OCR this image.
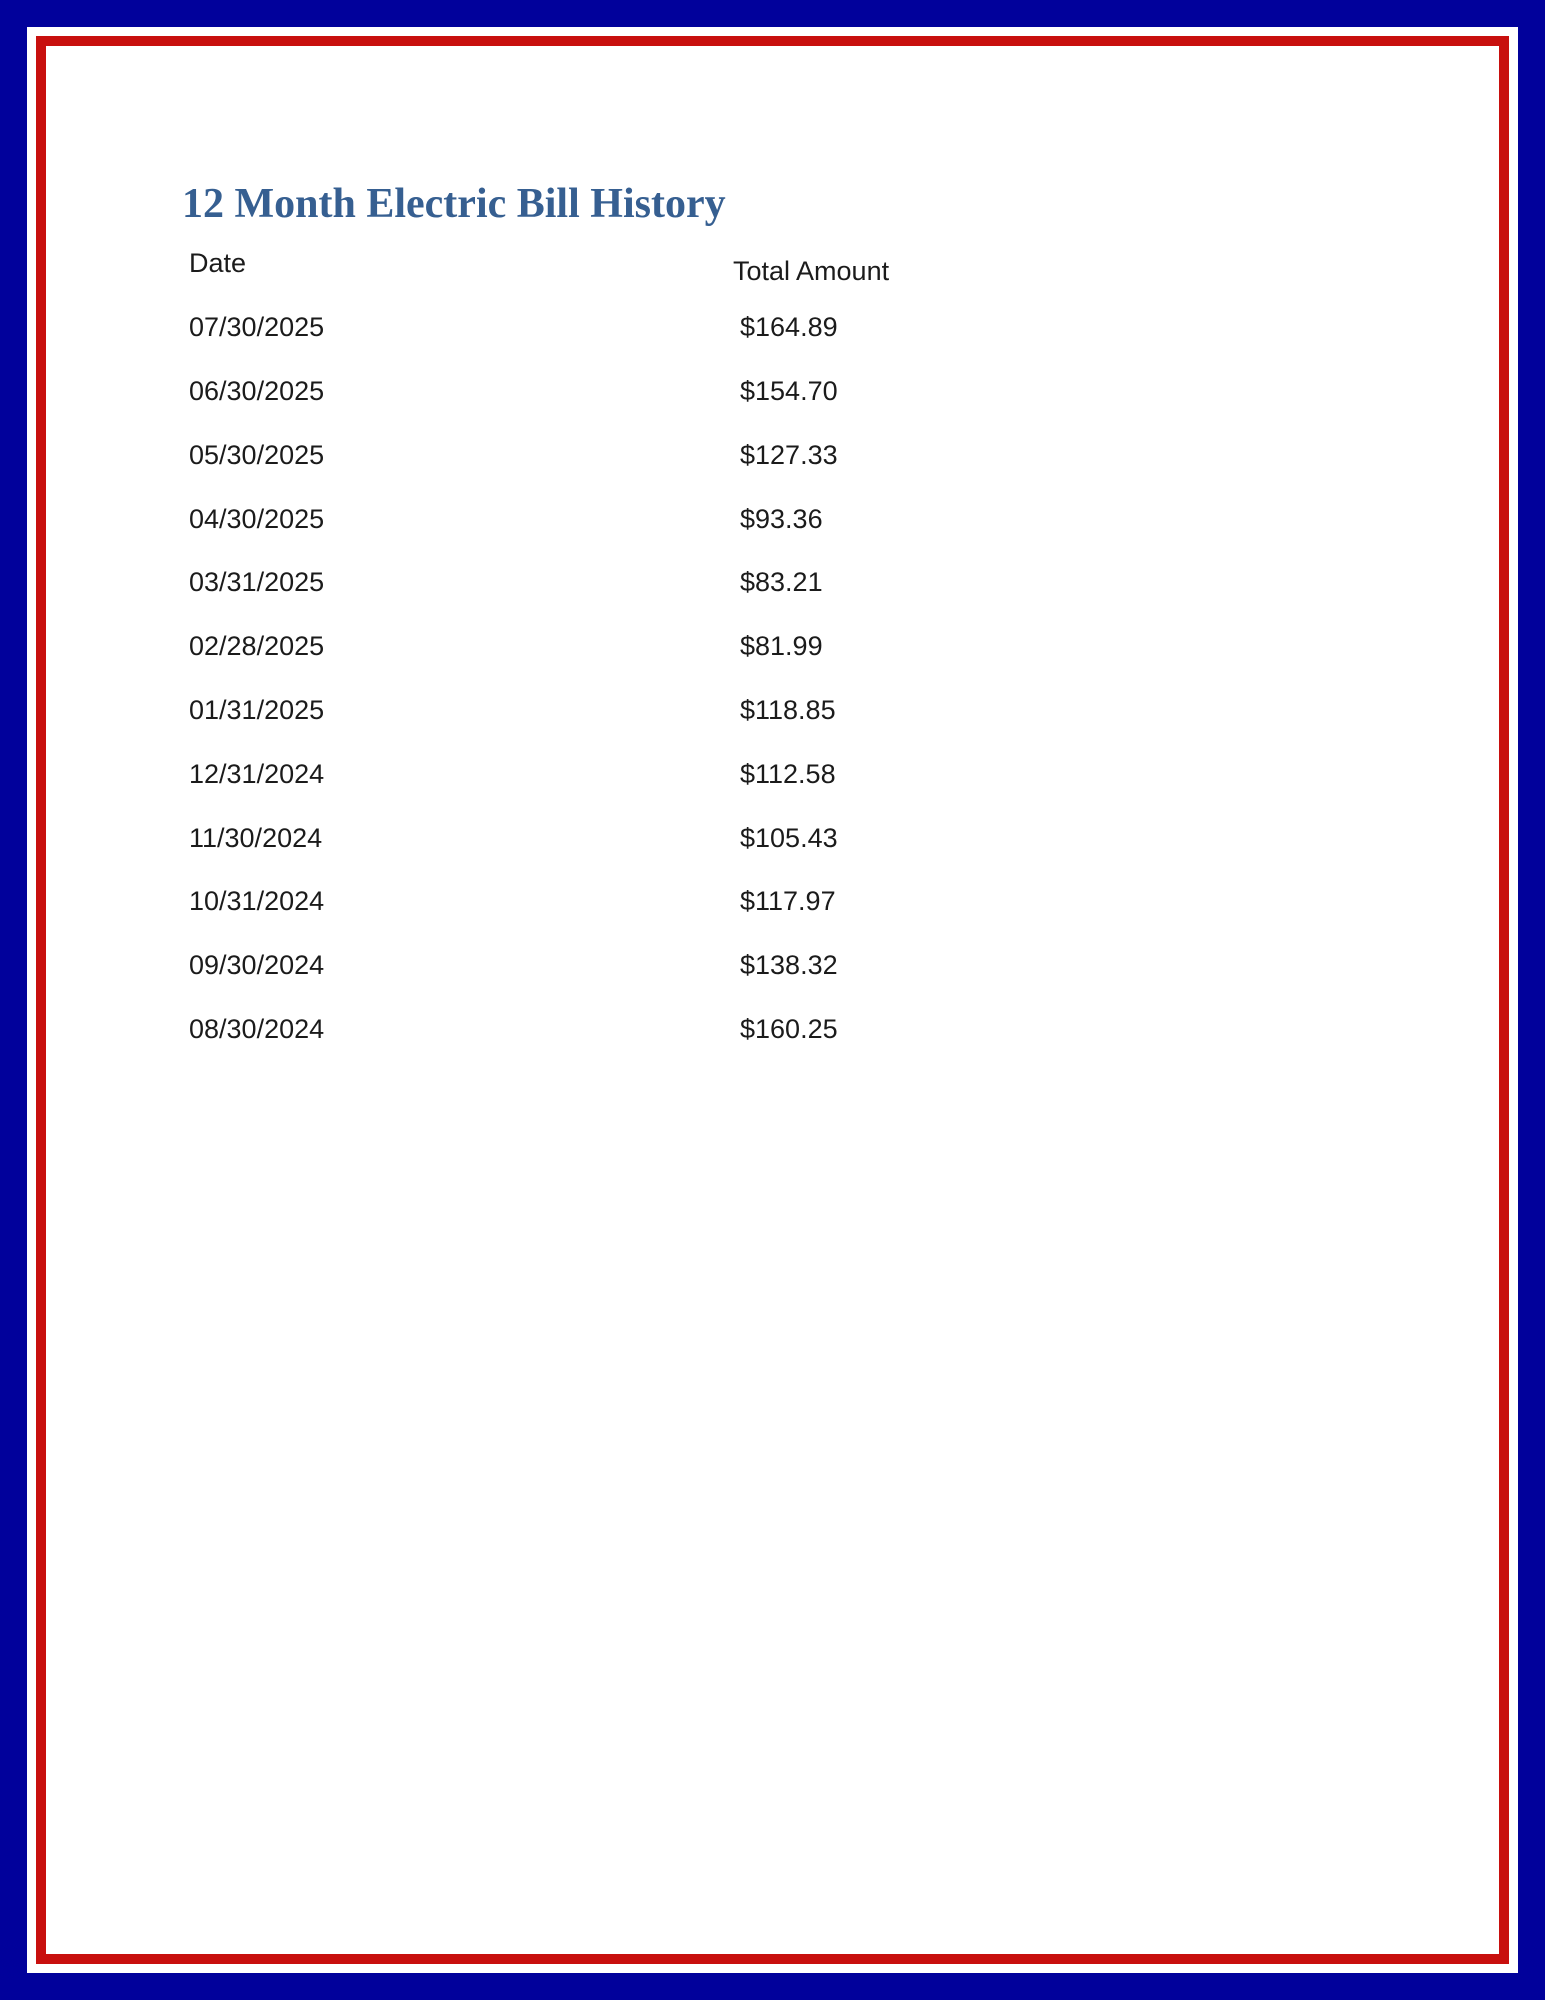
12 Month Electric Bill History
Date	Total Amount
07/30/2025	$164.89
06/30/2025	$154.70
05/30/2025	$127.33
04/30/2025	$93.36
03/31/2025	$83.21
02/28/2025	$81.99
01/31/2025	$118.85
12/31/2024	$112.58
11/30/2024	$105.43
10/31/2024	$117.97
09/30/2024	$138.32
08/30/2024	$160.25
